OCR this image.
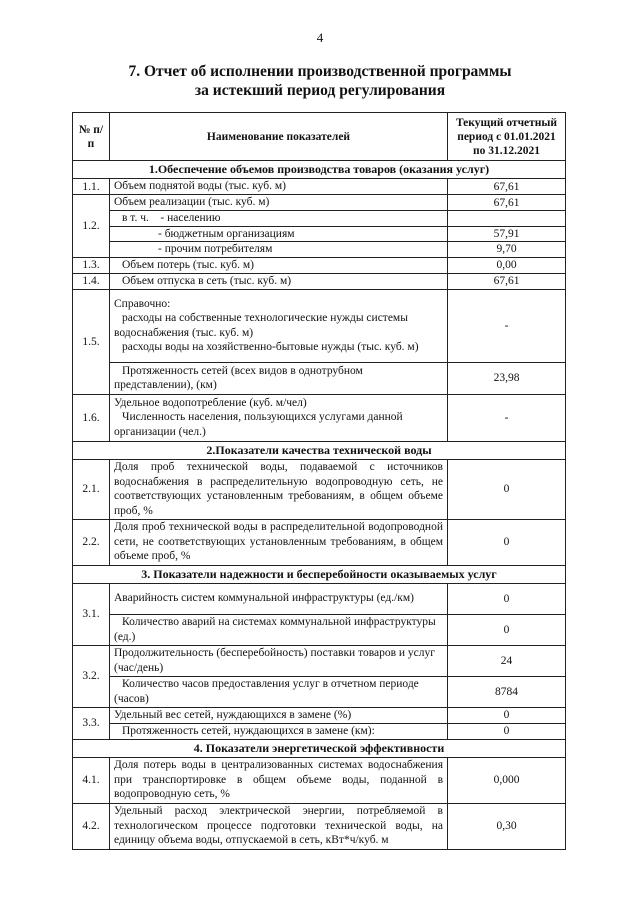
4
7. Отчет об исполнении производственной программы
за истекший период регулирования
№ п/п	Наименование показателей	Текущий отчетный период с 01.01.2021 по 31.12.2021
1.Обеспечение объемов производства товаров (оказания услуг)		
1.1.	Объем поднятой воды (тыс. куб. м)	67,61
1.2.	Объем реализации (тыс. куб. м)	67,61
	в т. ч.    - населению	
	- бюджетным организациям	57,91
	- прочим потребителям	9,70
1.3.	Объем потерь (тыс. куб. м)	0,00
1.4.	Объем отпуска в сеть (тыс. куб. м)	67,61
1.5.	Справочно:
расходы на собственные технологические нужды системы водоснабжения (тыс. куб. м)
расходы воды на хозяйственно-бытовые нужды (тыс. куб. м)	-
	Протяженность сетей (всех видов в однотрубном представлении), (км)	23,98
1.6.	Удельное водопотребление (куб. м/чел)
Численность населения, пользующихся услугами данной организации (чел.)	-
2.Показатели качества технической воды		
2.1.	Доля проб технической воды, подаваемой с источников водоснабжения в распределительную водопроводную сеть, не соответствующих установленным требованиям, в общем объеме проб, %	0
2.2.	Доля проб технической воды в распределительной водопроводной сети, не соответствующих установленным требованиям, в общем объеме проб, %	0
3. Показатели надежности и бесперебойности оказываемых услуг		
3.1.	Аварийность систем коммунальной инфраструктуры (ед./км)	0
	Количество аварий на системах коммунальной инфраструктуры (ед.)	0
3.2.	Продолжительность (бесперебойность) поставки товаров и услуг (час/день)	24
	Количество часов предоставления услуг в отчетном периоде (часов)	8784
3.3.	Удельный вес сетей, нуждающихся в замене (%)	0
	Протяженность сетей, нуждающихся в замене (км):	0
4. Показатели энергетической эффективности		
4.1.	Доля потерь воды в централизованных системах водоснабжения при транспортировке в общем объеме воды, поданной в водопроводную сеть, %	0,000
4.2.	Удельный расход электрической энергии, потребляемой в технологическом процессе подготовки технической воды, на единицу объема воды, отпускаемой в сеть, кВт*ч/куб. м	0,30
